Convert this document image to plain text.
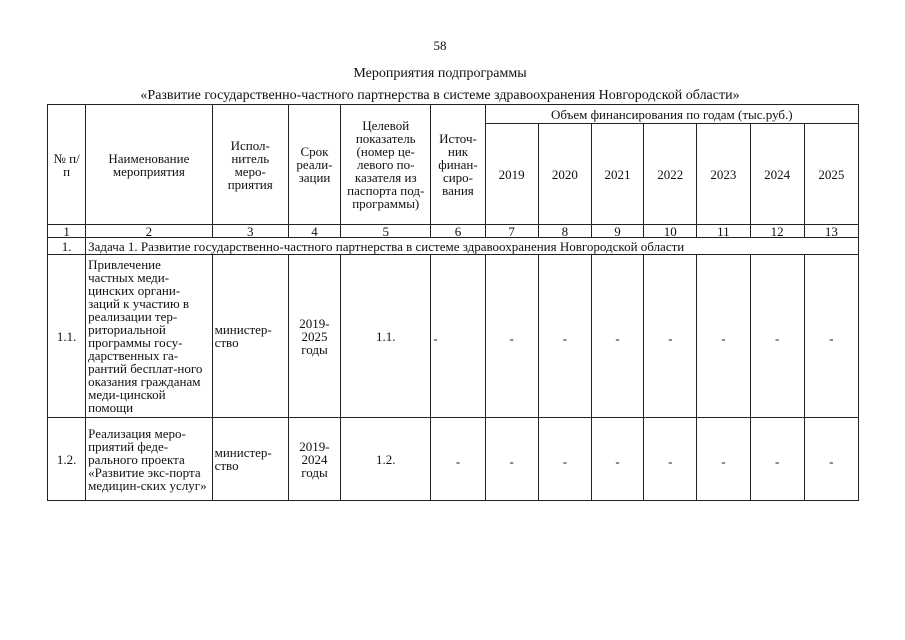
58
Мероприятия подпрограммы
«Развитие государственно-частного партнерства в системе здравоохранения Новгородской области»
№ п/п	Наименование мероприятия	Испол-нитель меро-приятия	Срок реали-зации	Целевой показатель (номер це-левого по-казателя из паспорта под-программы)	Источ-ник финан-сиро-вания	Объем финансирования по годам (тыс.руб.)						
						2019	2020	2021	2022	2023	2024	2025
1	2	3	4	5	6	7	8	9	10	11	12	13
1.	Задача 1. Развитие государственно-частного партнерства в системе здравоохранения Новгородской области											
1.1.	Привлечение частных меди-цинских органи-заций к участию в реализации тер-риториальной программы госу-дарственных га-рантий бесплат-ного оказания гражданам меди-цинской помощи	министер-ство	2019-2025 годы	1.1.	-	-	-	-	-	-	-	-
1.2.	Реализация меро-приятий феде-рального проекта «Развитие экс-порта медицин-ских услуг»	министер-ство	2019-2024 годы	1.2.	-	-	-	-	-	-	-	-
